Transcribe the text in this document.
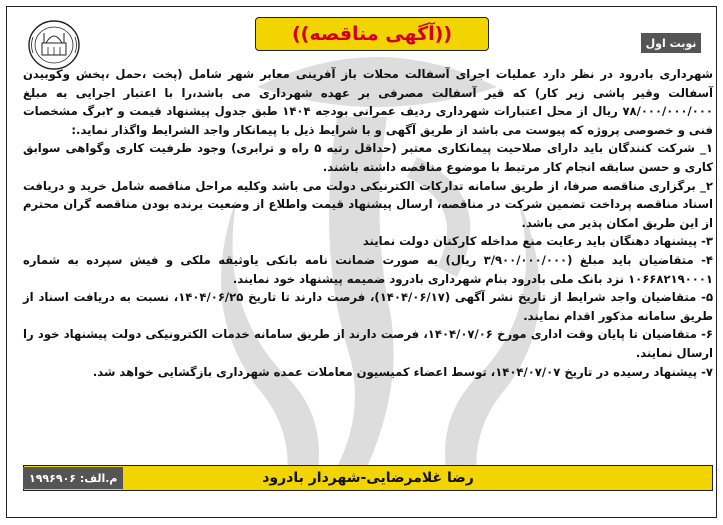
((آگهی مناقصه))	نوبت اول

شهرداری بادرود در نظر دارد عملیات اجرای آسفالت محلات باز آفرینی معابر شهر شامل (پخت ،حمل ،پخش وکوبیدن آسفالت وقیر پاشی زیر کار) که قیر آسفالت مصرفی بر عهده شهرداری می باشد،را با اعتبار اجرایی به مبلغ ۷۸/۰۰۰/۰۰۰/۰۰۰ ریال از محل اعتبارات شهرداری ردیف عمرانی بودجه ۱۴۰۴ طبق جدول پیشنهاد قیمت و ۲برگ مشخصات فنی و خصوصی پروژه که پیوست می باشد از طریق آگهی و با شرایط ذیل با پیمانکار واجد الشرایط واگذار نماید.:

۱_ شرکت کنندگان باید دارای صلاحیت پیمانکاری معتبر (حداقل رتبه ۵ راه و ترابری) وجود ظرفیت کاری وگواهی سوابق کاری و حسن سابقه انجام کار مرتبط با موضوع مناقصه داشته باشند.

۲_ برگزاری مناقصه صرفا، از طریق سامانه تدارکات الکترنیکی دولت می باشد وکلیه مراحل مناقصه شامل خرید و دریافت اسناد مناقصه پرداخت تضمین شرکت در مناقصه، ارسال پیشنهاد قیمت واطلاع از وضعیت برنده بودن مناقصه گران محترم از این طریق امکان پذیر می باشد.

۳- پیشنهاد دهنگان باید رعایت منع مداخله کارکنان دولت نمایند

۴- متقاضیان باید مبلغ (۳/۹۰۰/۰۰۰/۰۰۰ ریال) به صورت ضمانت نامه بانکی یاوثیقه ملکی و فیش سپرده به شماره ۱۰۶۶۸۲۱۹۰۰۰۱ نزد بانک ملی بادرود بنام شهرداری بادرود ضمیمه پیشنهاد خود نمایند.

۵- متقاضیان واجد شرایط از تاریخ نشر آگهی (۱۴۰۴/۰۶/۱۷)، فرصت دارند تا تاریخ ۱۴۰۴/۰۶/۲۵، نسبت به دریافت اسناد از طریق سامانه مذکور اقدام نمایند.

۶- متقاضیان تا پایان وقت اداری مورخ ۱۴۰۴/۰۷/۰۶، فرصت دارند از طریق سامانه خدمات الکترونیکی دولت پیشنهاد خود را ارسال نمایند.

۷- پیشنهاد رسیده در تاریخ ۱۴۰۴/۰۷/۰۷، توسط اعضاء کمیسیون معاملات عمده شهرداری بازگشایی خواهد شد.

رضا غلامرضایی-شهردار بادرود
م.الف: ۱۹۹۶۹۰۶
